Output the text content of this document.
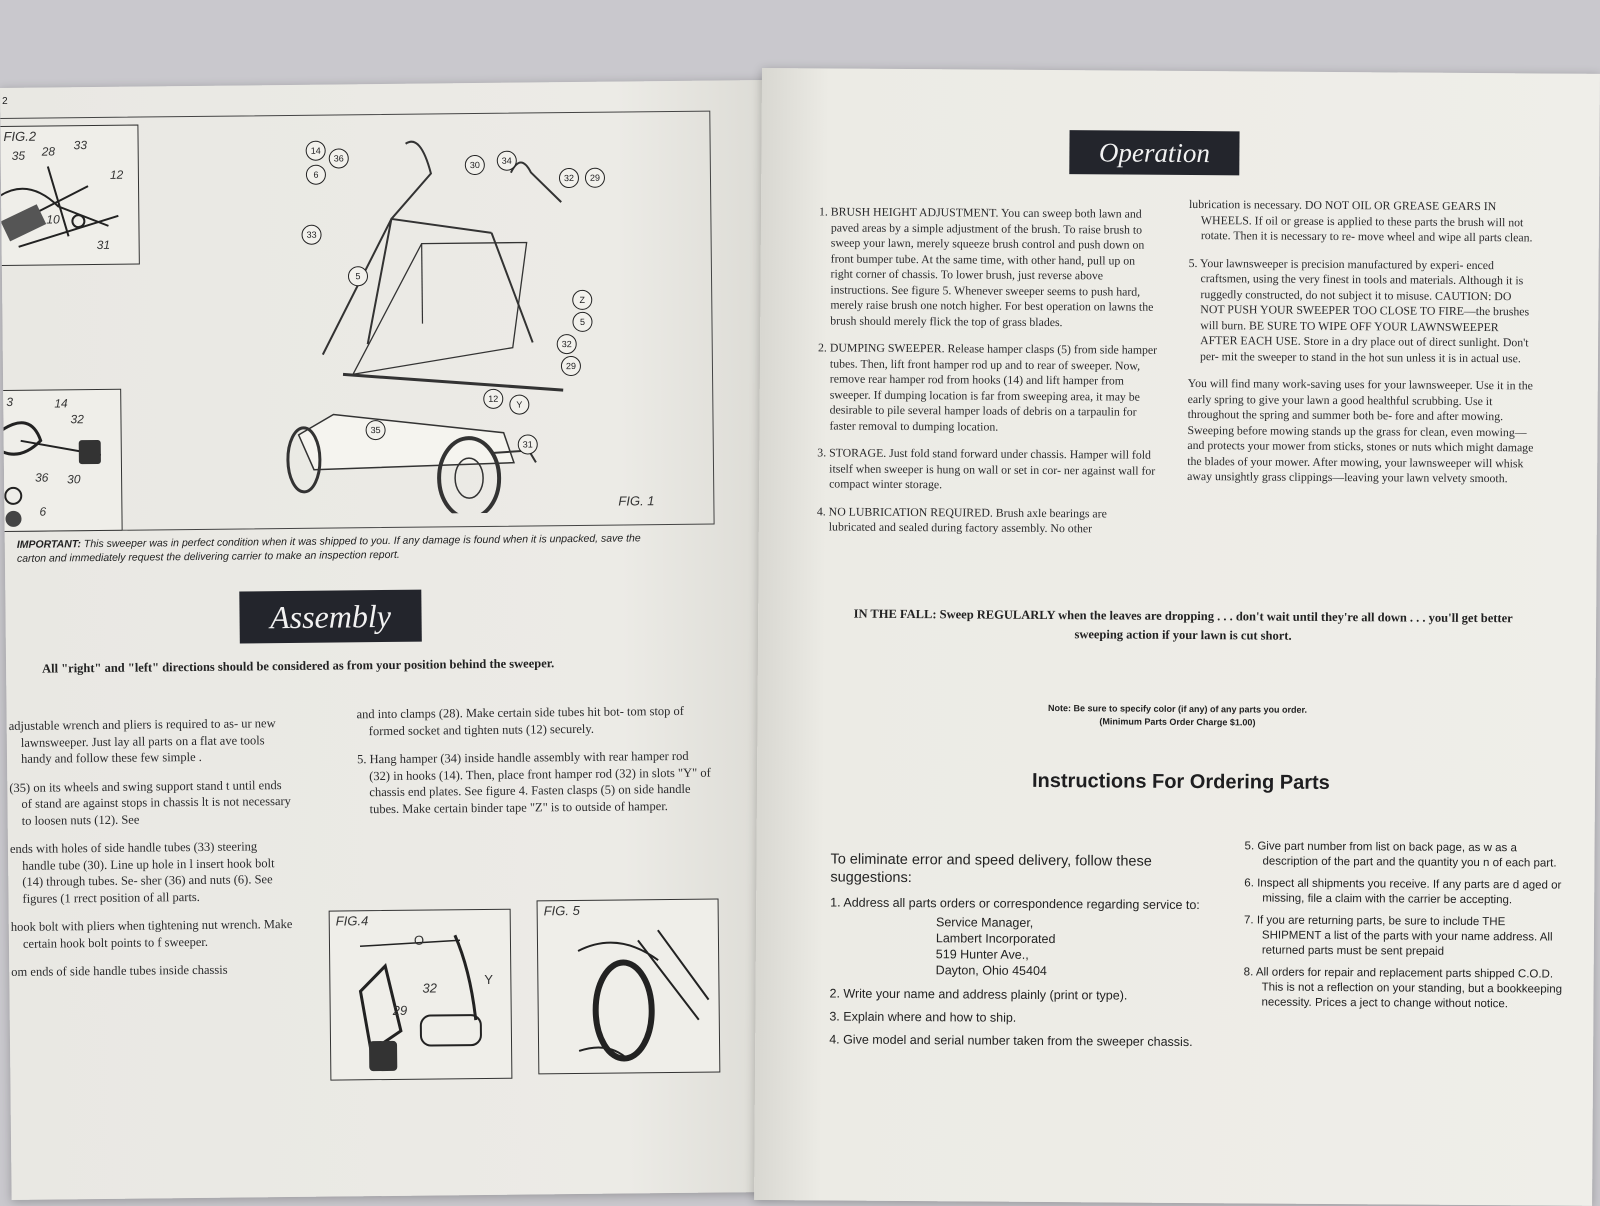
2
FIG.2
35 28 33
12
10
31
3	14
32
36 30
6
14
36
6
30	34
32	29
33
5
Z
5
32
29
12
Y
35
31
FIG. 1
IMPORTANT: This sweeper was in perfect condition when it was shipped to you. If any damage is found when it is unpacked, save the carton and immediately request the delivering carrier to make an inspection report.
Assembly
All "right" and "left" directions should be considered as from your position behind the sweeper.

adjustable wrench and pliers is required to as- ur new lawnsweeper. Just lay all parts on a flat ave tools handy and follow these few simple .

(35) on its wheels and swing support stand t until ends of stand are against stops in chassis lt is not necessary to loosen nuts (12). See

ends with holes of side handle tubes (33) steering handle tube (30). Line up hole in l insert hook bolt (14) through tubes. Se- sher (36) and nuts (6). See figures (1 rrect position of all parts.

hook bolt with pliers when tightening nut wrench. Make certain hook bolt points to f sweeper.

om ends of side handle tubes inside chassis

and into clamps (28). Make certain side tubes hit bot- tom stop of formed socket and tighten nuts (12) securely.

5. Hang hamper (34) inside handle assembly with rear hamper rod (32) in hooks (14). Then, place front hamper rod (32) in slots "Y" of chassis end plates. See figure 4. Fasten clasps (5) on side handle tubes. Make certain binder tape "Z" is to outside of hamper.

FIG.4
O
29
32
Y
FIG. 5
Operation

1. BRUSH HEIGHT ADJUSTMENT. You can sweep both lawn and paved areas by a simple adjustment of the brush. To raise brush to sweep your lawn, merely squeeze brush control and push down on front bumper tube. At the same time, with other hand, pull up on right corner of chassis. To lower brush, just reverse above instructions. See figure 5. Whenever sweeper seems to push hard, merely raise brush one notch higher. For best operation on lawns the brush should merely flick the top of grass blades.

2. DUMPING SWEEPER. Release hamper clasps (5) from side hamper tubes. Then, lift front hamper rod up and to rear of sweeper. Now, remove rear hamper rod from hooks (14) and lift hamper from sweeper. If dumping location is far from sweeping area, it may be desirable to pile several hamper loads of debris on a tarpaulin for faster removal to dumping location.

3. STORAGE. Just fold stand forward under chassis. Hamper will fold itself when sweeper is hung on wall or set in cor- ner against wall for compact winter storage.

4. NO LUBRICATION REQUIRED. Brush axle bearings are lubricated and sealed during factory assembly. No other

lubrication is necessary. DO NOT OIL OR GREASE GEARS IN WHEELS. If oil or grease is applied to these parts the brush will not rotate. Then it is necessary to re- move wheel and wipe all parts clean.

5. Your lawnsweeper is precision manufactured by experi- enced craftsmen, using the very finest in tools and materials. Although it is ruggedly constructed, do not subject it to misuse. CAUTION: DO NOT PUSH YOUR SWEEPER TOO CLOSE TO FIRE—the brushes will burn. BE SURE TO WIPE OFF YOUR LAWNSWEEPER AFTER EACH USE. Store in a dry place out of direct sunlight. Don't per- mit the sweeper to stand in the hot sun unless it is in actual use.

You will find many work-saving uses for your lawnsweeper. Use it in the early spring to give your lawn a good healthful scrubbing. Use it throughout the spring and summer both be- fore and after mowing. Sweeping before mowing stands up the grass for clean, even mowing—and protects your mower from sticks, stones or nuts which might damage the blades of your mower. After mowing, your lawnsweeper will whisk away unsightly grass clippings—leaving your lawn velvety smooth.

IN THE FALL: Sweep REGULARLY when the leaves are dropping . . . don't wait until they're all down . . . you'll get better sweeping action if your lawn is cut short.
Note: Be sure to specify color (if any) of any parts you order.
(Minimum Parts Order Charge $1.00)
Instructions For Ordering Parts
To eliminate error and speed delivery, follow these suggestions:
1. Address all parts orders or correspondence regarding service to:
Service Manager,
Lambert Incorporated
519 Hunter Ave.,
Dayton, Ohio 45404
2. Write your name and address plainly (print or type).
3. Explain where and how to ship.
4. Give model and serial number taken from the sweeper chassis.
5. Give part number from list on back page, as w as a description of the part and the quantity you n of each part.
6. Inspect all shipments you receive. If any parts are d aged or missing, file a claim with the carrier be accepting.
7. If you are returning parts, be sure to include THE SHIPMENT a list of the parts with your name address. All returned parts must be sent prepaid
8. All orders for repair and replacement parts shipped C.O.D. This is not a reflection on your standing, but a bookkeeping necessity. Prices a ject to change without notice.
